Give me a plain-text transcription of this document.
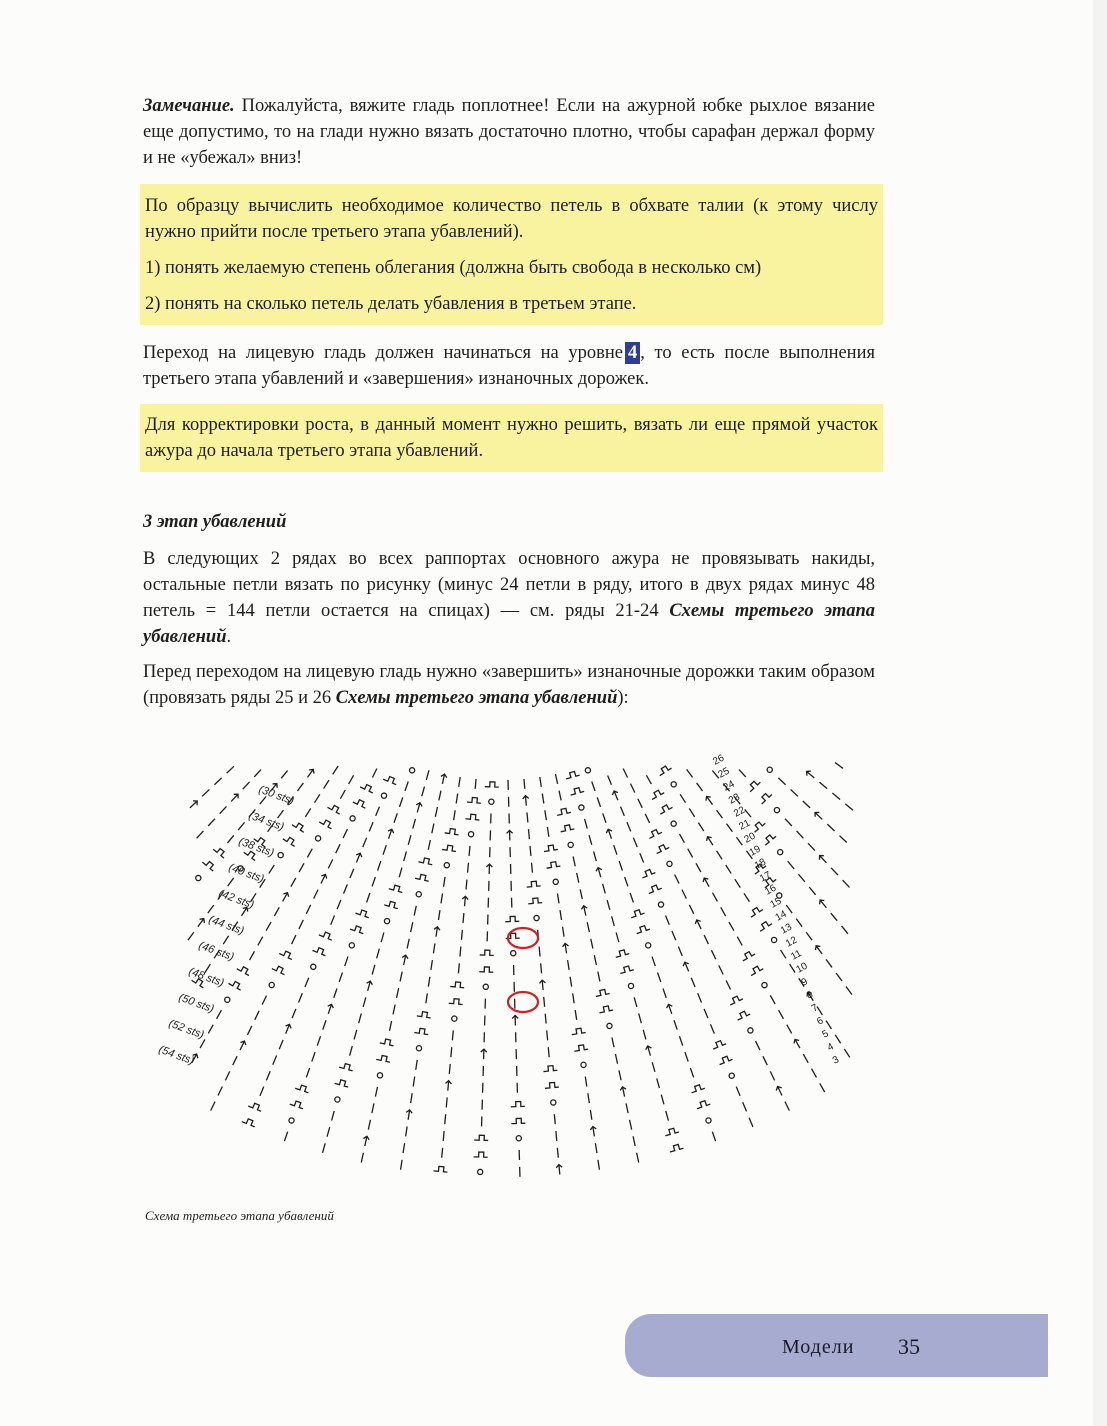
Замечание. Пожалуйста, вяжите гладь поплотнее! Если на ажурной юбке рыхлое вязание еще допустимо, то на глади нужно вязать достаточно плотно, чтобы сарафан держал форму и не «убежал» вниз!

По образцу вычислить необходимое количество петель в обхвате талии (к этому числу нужно прийти после третьего этапа убавлений).

1) понять желаемую степень облегания (должна быть свобода в несколько см)

2) понять на сколько петель делать убавления в третьем этапе.

Переход на лицевую гладь должен начинаться на уровне 4 , то есть после выполнения третьего этапа убавлений и «завершения» изнаночных дорожек.

Для корректировки роста, в данный момент нужно решить, вязать ли еще прямой участок ажура до начала третьего этапа убавлений.

3 этап убавлений

В следующих 2 рядах во всех раппортах основного ажура не провязывать накиды, остальные петли вязать по рисунку (минус 24 петли в ряду, итого в двух рядах минус 48 петель = 144 петли остается на спицах) — см. ряды 21-24 Схемы третьего этапа убавлений.

Перед переходом на лицевую гладь нужно «завершить» изнаночные дорожки таким образом (провязать ряды 25 и 26 Схемы третьего этапа убавлений):

(30 sts)
(34 sts)
(38 sts)
(40 sts)
(42 sts)
(44 sts)
(46 sts)
(48 sts)
(50 sts)
(52 sts)
(54 sts)
26
25
24
23
22
21
20
19
18
17
16
15
14
13
12
11
10
9
8
7
6
5
4
3
Схема третьего этапа убавлений
Модели 35
